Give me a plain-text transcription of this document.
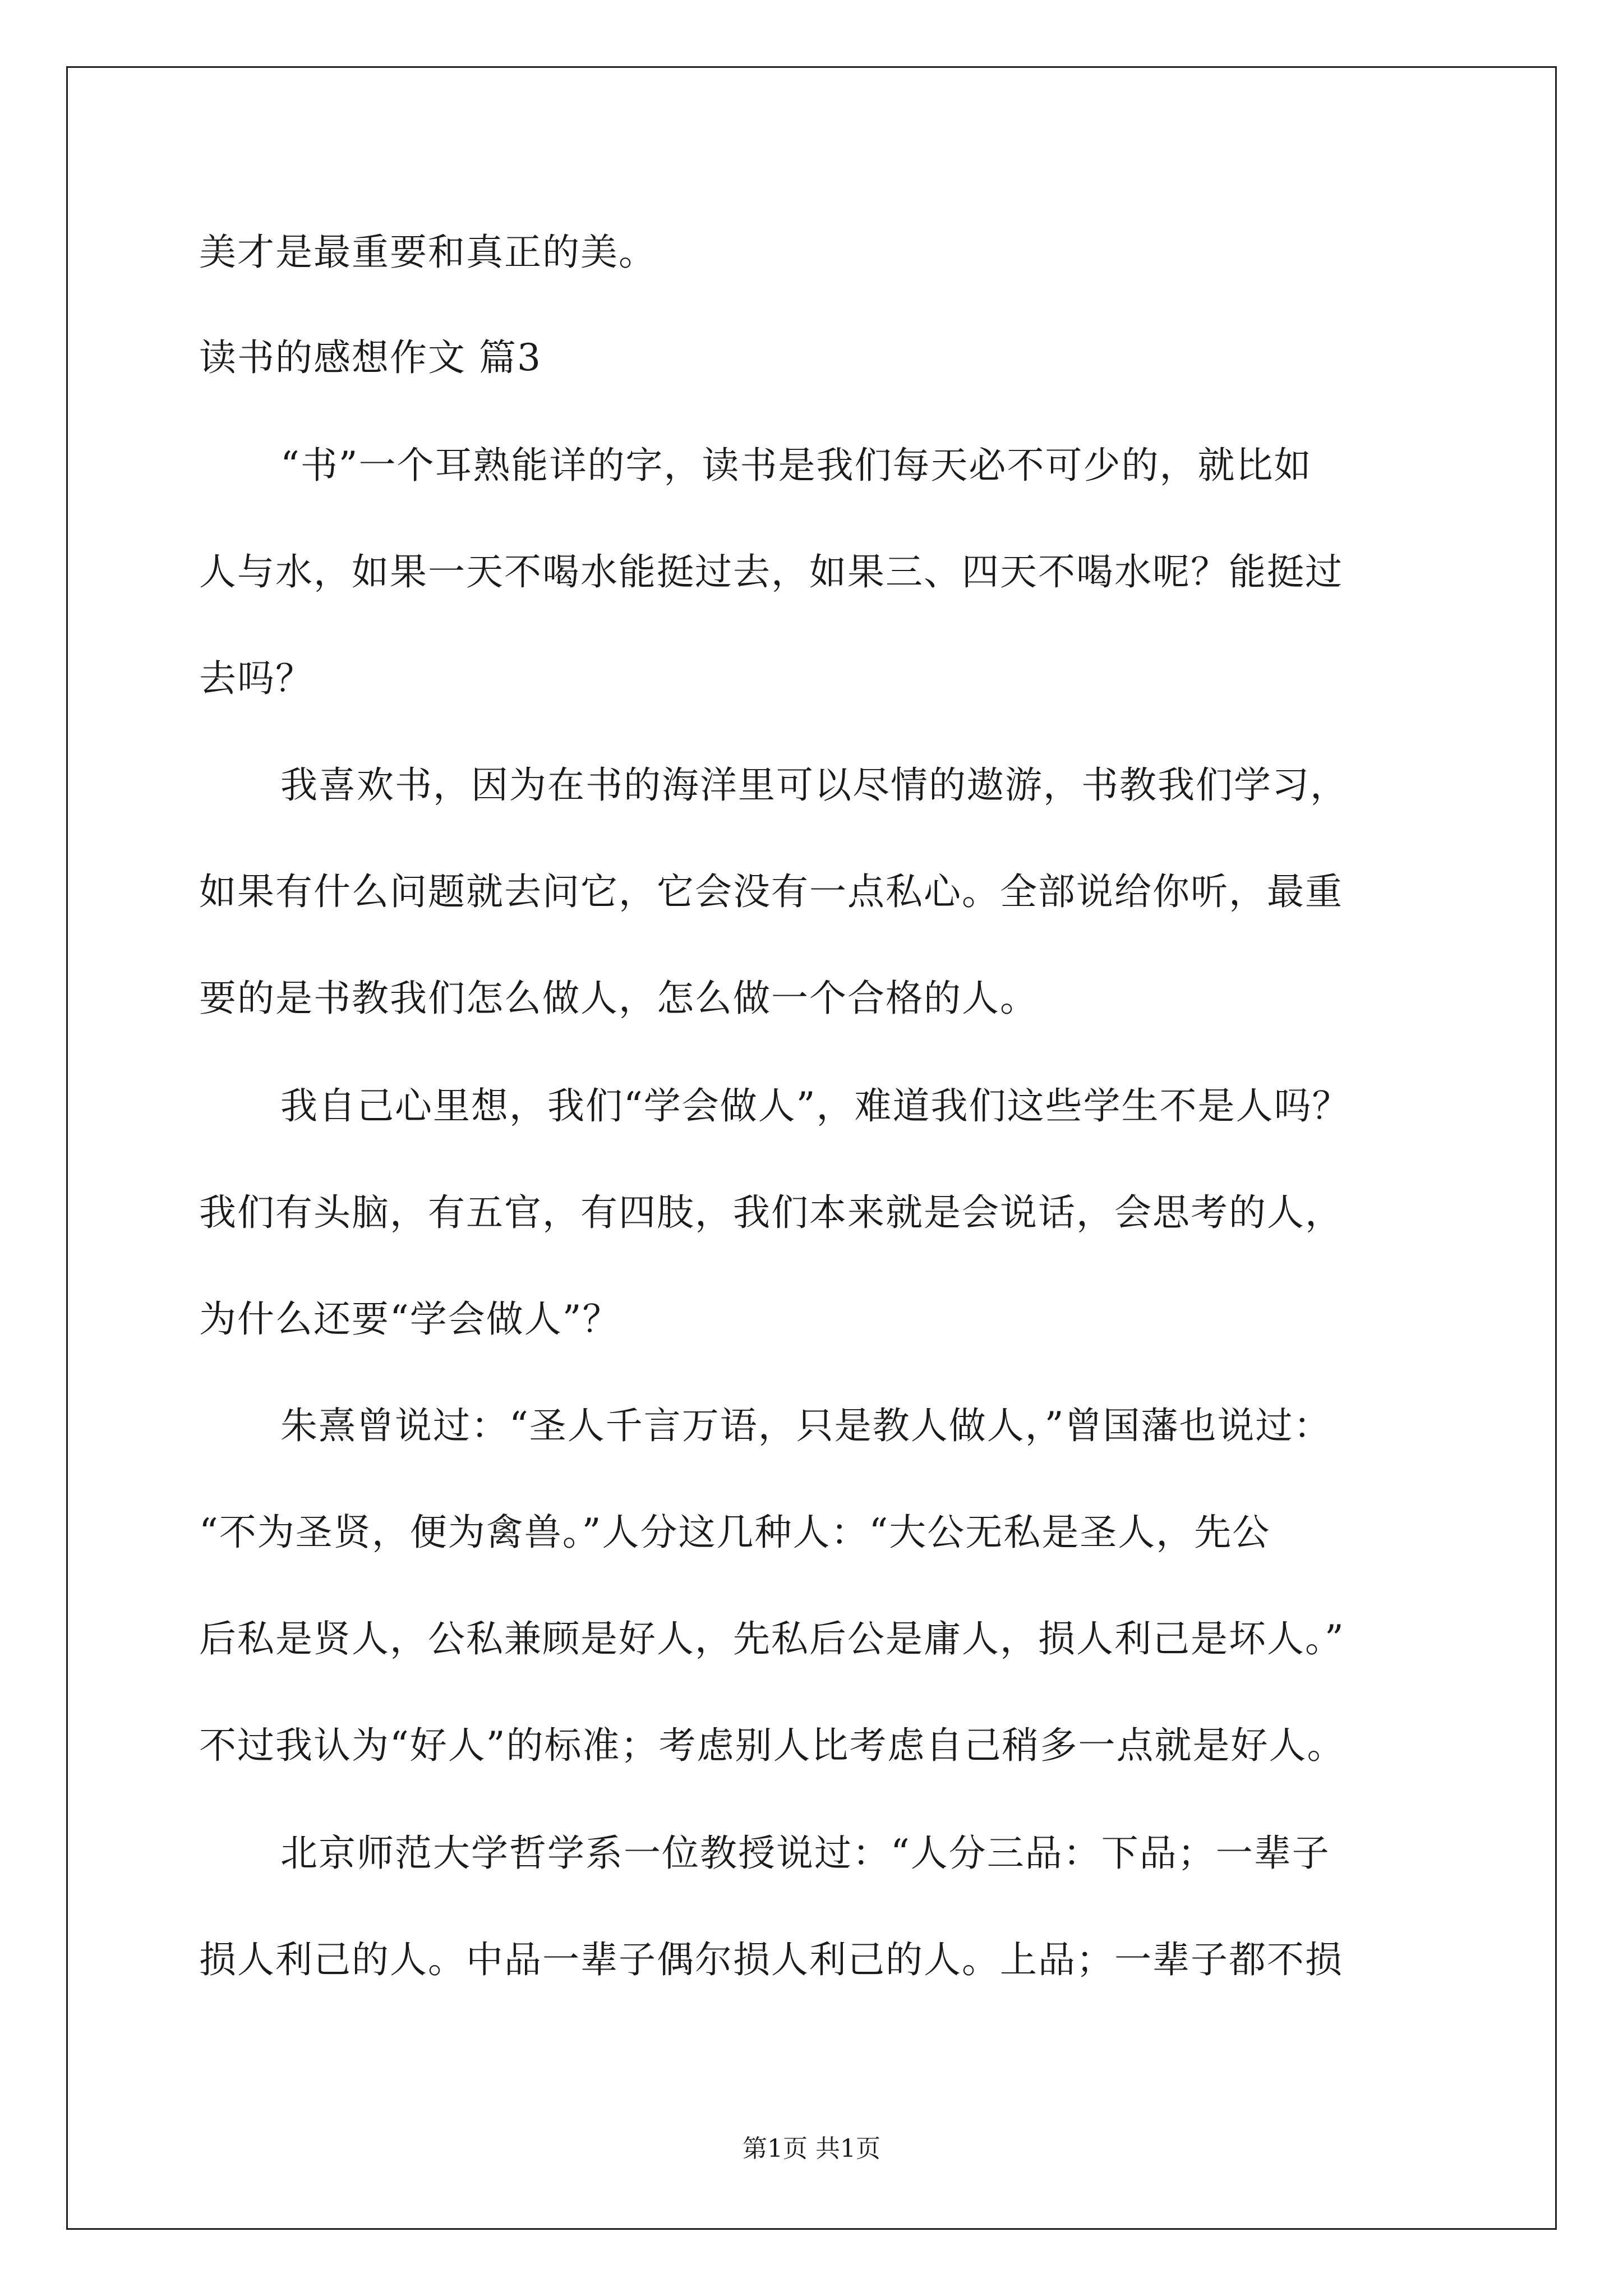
美才是最重要和真正的美。
读书的感想作文 篇3
“书”一个耳熟能详的字，读书是我们每天必不可少的，就比如
人与水，如果一天不喝水能挺过去，如果三、四天不喝水呢？能挺过
去吗？
我喜欢书，因为在书的海洋里可以尽情的遨游，书教我们学习，
如果有什么问题就去问它，它会没有一点私心。全部说给你听，最重
要的是书教我们怎么做人，怎么做一个合格的人。
我自己心里想，我们“学会做人”，难道我们这些学生不是人吗？
我们有头脑，有五官，有四肢，我们本来就是会说话，会思考的人，
为什么还要“学会做人”？
朱熹曾说过：“圣人千言万语，只是教人做人，”曾国藩也说过：
“不为圣贤，便为禽兽。”人分这几种人：“大公无私是圣人，先公
后私是贤人，公私兼顾是好人，先私后公是庸人，损人利己是坏人。”
不过我认为“好人”的标准；考虑别人比考虑自己稍多一点就是好人。
北京师范大学哲学系一位教授说过：“人分三品：下品；一辈子
损人利己的人。中品一辈子偶尔损人利己的人。上品；一辈子都不损
第1页 共1页
